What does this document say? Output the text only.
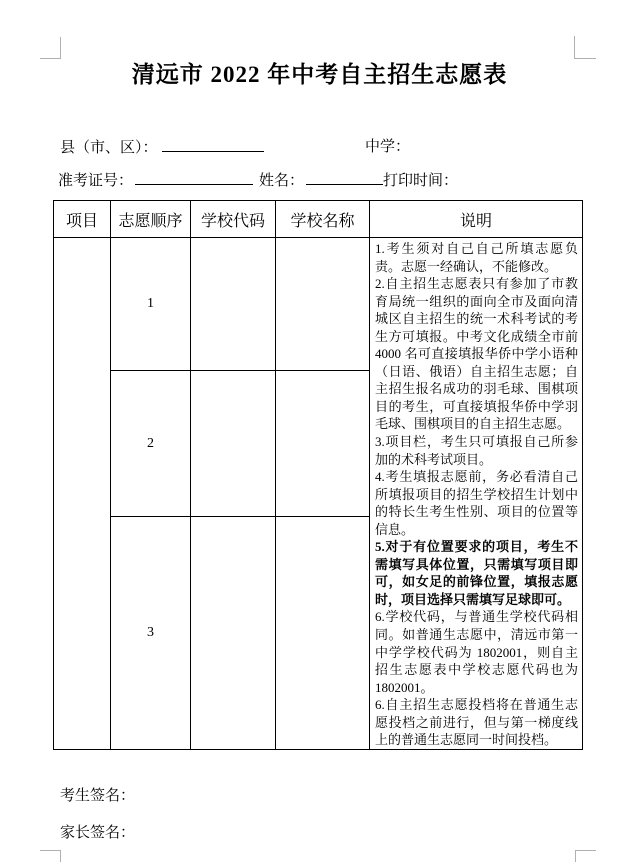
清远市 2022 年中考自主招生志愿表
县（市、区）：	中学：
准考证号：	姓名：	打印时间：
项目	志愿顺序	学校代码	学校名称	说明
	1			

1.考生须对自己自己所填志愿负责。志愿一经确认，不能修改。

2.自主招生志愿表只有参加了市教育局统一组织的面向全市及面向清城区自主招生的统一术科考试的考生方可填报。中考文化成绩全市前 4000 名可直接填报华侨中学小语种（日语、俄语）自主招生志愿；自主招生报名成功的羽毛球、围棋项目的考生，可直接填报华侨中学羽毛球、围棋项目的自主招生志愿。

3.项目栏，考生只可填报自己所参加的术科考试项目。

4.考生填报志愿前，务必看清自己所填报项目的招生学校招生计划中的特长生考生性别、项目的位置等信息。

5.对于有位置要求的项目，考生不需填写具体位置，只需填写项目即可，如女足的前锋位置，填报志愿时，项目选择只需填写足球即可。

6.学校代码，与普通生学校代码相同。如普通生志愿中，清远市第一中学学校代码为 1802001，则自主招生志愿表中学校志愿代码也为 1802001。

6.自主招生志愿投档将在普通生志愿投档之前进行，但与第一梯度线上的普通生志愿同一时间投档。

	2			
	3			
考生签名：
家长签名：
